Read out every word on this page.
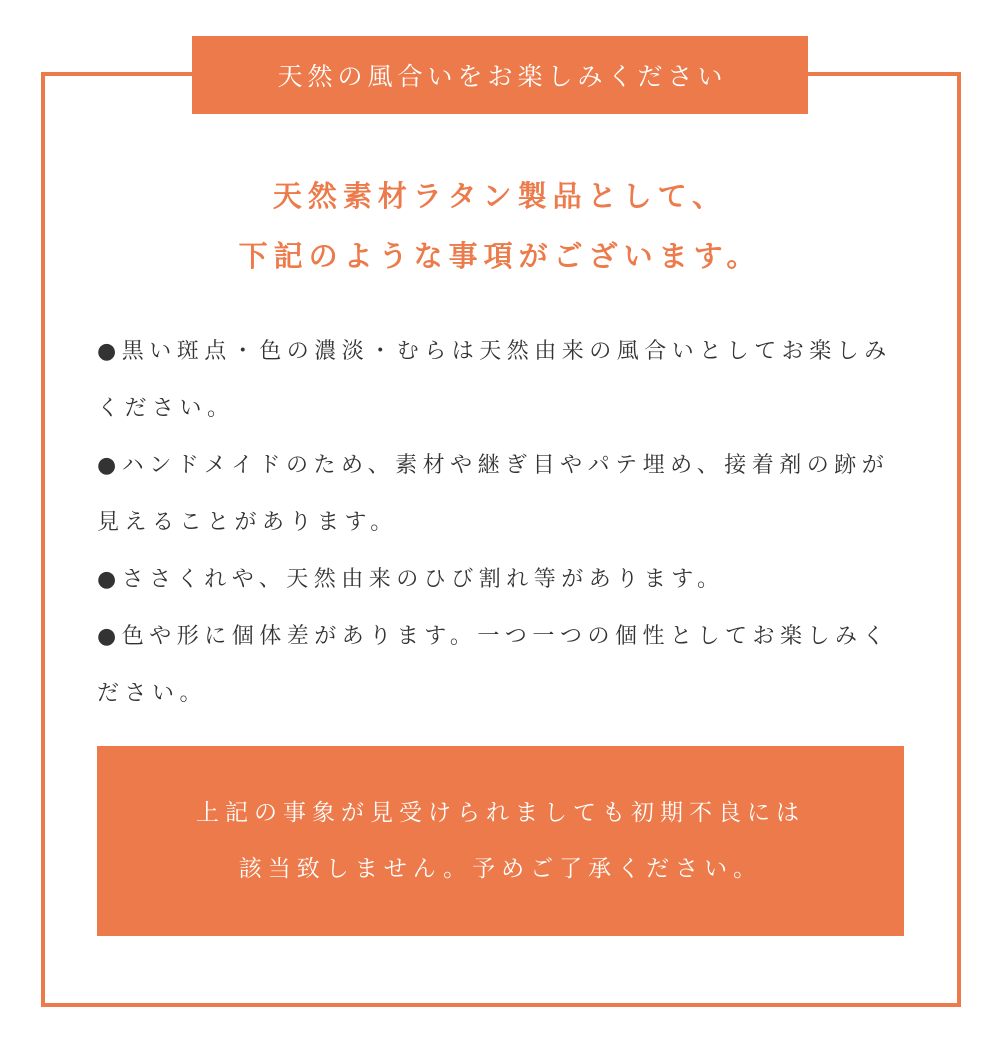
天然の風合いをお楽しみください
天然素材ラタン製品として、
下記のような事項がございます。
●黒い斑点・色の濃淡・むらは天然由来の風合いとしてお楽しみください。
●ハンドメイドのため、素材や継ぎ目やパテ埋め、接着剤の跡が見えることがあります。
●ささくれや、天然由来のひび割れ等があります。
●色や形に個体差があります。一つ一つの個性としてお楽しみください。
上記の事象が見受けられましても初期不良には
該当致しません。予めご了承ください。
